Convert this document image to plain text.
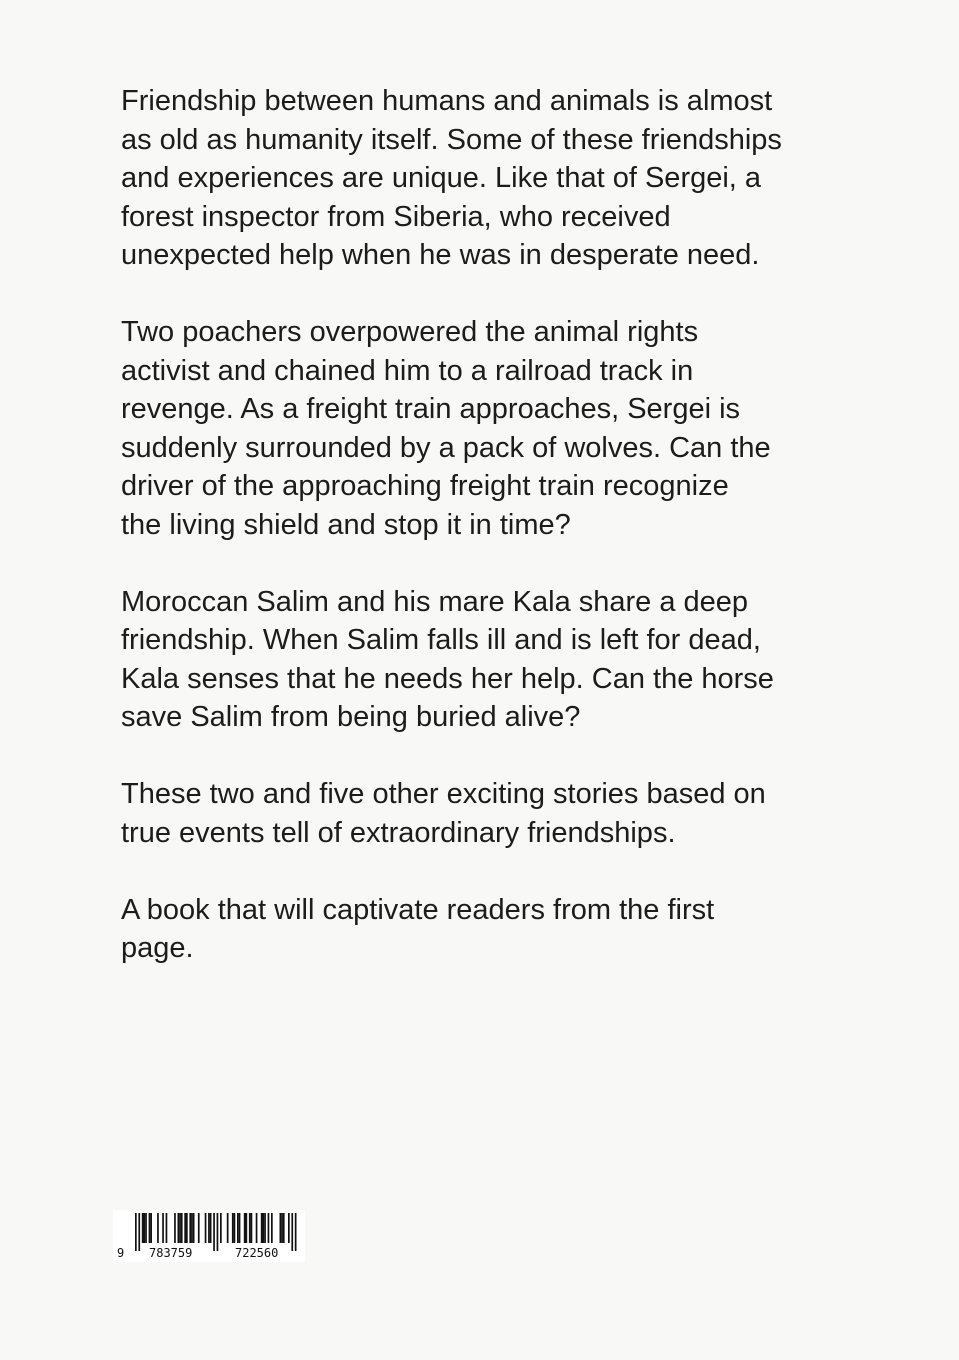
Friendship between humans and animals is almost
as old as humanity itself. Some of these friendships
and experiences are unique. Like that of Sergei, a
forest inspector from Siberia, who received
unexpected help when he was in desperate need.

Two poachers overpowered the animal rights
activist and chained him to a railroad track in
revenge. As a freight train approaches, Sergei is
suddenly surrounded by a pack of wolves. Can the
driver of the approaching freight train recognize
the living shield and stop it in time?

Moroccan Salim and his mare Kala share a deep
friendship. When Salim falls ill and is left for dead,
Kala senses that he needs her help. Can the horse
save Salim from being buried alive?

These two and five other exciting stories based on
true events tell of extraordinary friendships.

A book that will captivate readers from the first
page.

9 783759	722560
